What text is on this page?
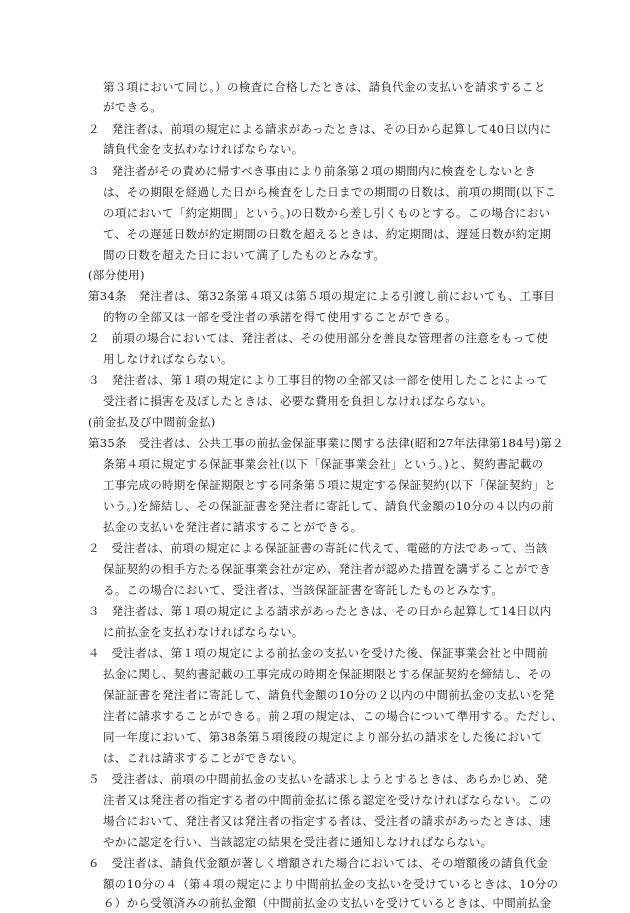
第３項において同じ。）の検査に合格したときは、請負代金の支払いを請求すること
ができる。
２　発注者は、前項の規定による請求があったときは、その日から起算して40日以内に
請負代金を支払わなければならない。
３　発注者がその責めに帰すべき事由により前条第２項の期間内に検査をしないとき
は、その期限を経過した日から検査をした日までの期間の日数は、前項の期間(以下こ
の項において「約定期間」という。)の日数から差し引くものとする。この場合におい
て、その遅延日数が約定期間の日数を超えるときは、約定期間は、遅延日数が約定期
間の日数を超えた日において満了したものとみなす。
(部分使用)
第34条　発注者は、第32条第４項又は第５項の規定による引渡し前においても、工事目
的物の全部又は一部を受注者の承諾を得て使用することができる。
２　前項の場合においては、発注者は、その使用部分を善良な管理者の注意をもって使
用しなければならない。
３　発注者は、第１項の規定により工事目的物の全部又は一部を使用したことによって
受注者に損害を及ぼしたときは、必要な費用を負担しなければならない。
(前金払及び中間前金払)
第35条　受注者は、公共工事の前払金保証事業に関する法律(昭和27年法律第184号)第２
条第４項に規定する保証事業会社(以下「保証事業会社」という。)と、契約書記載の
工事完成の時期を保証期限とする同条第５項に規定する保証契約(以下「保証契約」と
いう。)を締結し、その保証証書を発注者に寄託して、請負代金額の10分の４以内の前
払金の支払いを発注者に請求することができる。
２　受注者は、前項の規定による保証証書の寄託に代えて、電磁的方法であって、当該
保証契約の相手方たる保証事業会社が定め、発注者が認めた措置を講ずることができ
る。この場合において、受注者は、当該保証証書を寄託したものとみなす。
３　発注者は、第１項の規定による請求があったときは、その日から起算して14日以内
に前払金を支払わなければならない。
４　受注者は、第１項の規定による前払金の支払いを受けた後、保証事業会社と中間前
払金に関し、契約書記載の工事完成の時期を保証期限とする保証契約を締結し、その
保証証書を発注者に寄託して、請負代金額の10分の２以内の中間前払金の支払いを発
注者に請求することができる。前２項の規定は、この場合について準用する。ただし、
同一年度において、第38条第５項後段の規定により部分払の請求をした後において
は、これは請求することができない。
５　受注者は、前項の中間前払金の支払いを請求しようとするときは、あらかじめ、発
注者又は発注者の指定する者の中間前金払に係る認定を受けなければならない。この
場合において、発注者又は発注者の指定する者は、受注者の請求があったときは、速
やかに認定を行い、当該認定の結果を受注者に通知しなければならない。
６　受注者は、請負代金額が著しく増額された場合においては、その増額後の請負代金
額の10分の４（第４項の規定により中間前払金の支払いを受けているときは、10分の
６）から受領済みの前払金額（中間前払金の支払いを受けているときは、中間前払金
